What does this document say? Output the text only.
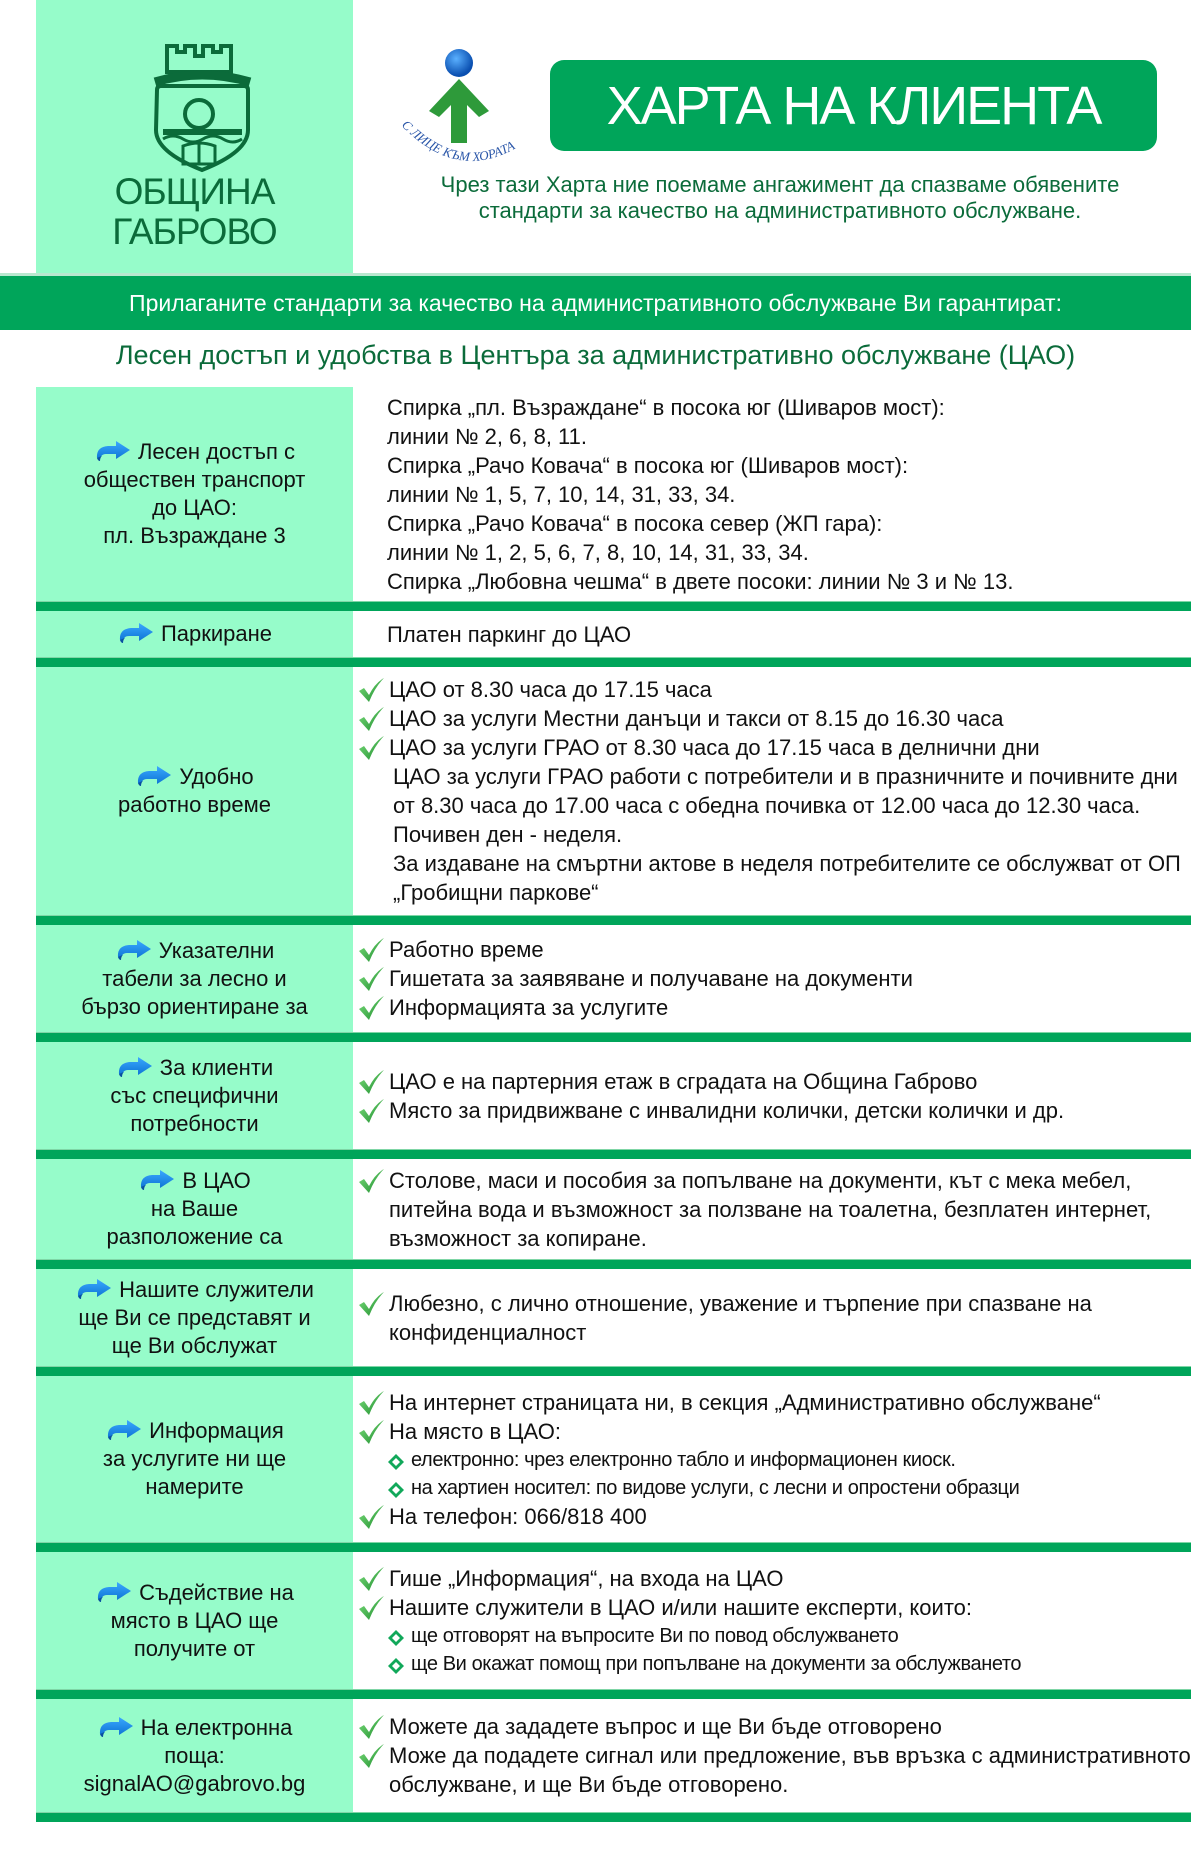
ОБЩИНА
ГАБРОВО
С ЛИЦЕ КЪМ ХОРАТА
ХАРТА НА КЛИЕНТА
Чрез тази Харта ние поемаме ангажимент да спазваме обявените стандарти за качество на административното обслужване.
Прилаганите стандарти за качество на административното обслужване Ви гарантират:
Лесен достъп и удобства в Центъра за административно обслужване (ЦАО)
Лесен достъп с
обществен транспорт
до ЦАО:
пл. Възраждане 3
Спирка „пл. Възраждане“ в посока юг (Шиваров мост):
линии № 2, 6, 8, 11.
Спирка „Рачо Ковача“ в посока юг (Шиваров мост):
линии № 1, 5, 7, 10, 14, 31, 33, 34.
Спирка „Рачо Ковача“ в посока север (ЖП гара):
линии № 1, 2, 5, 6, 7, 8, 10, 14, 31, 33, 34.
Спирка „Любовна чешма“ в двете посоки: линии № 3 и № 13.
Паркиране	Платен паркинг до ЦАО
Удобно
работно време
ЦАО от 8.30 часа до 17.15 часа
ЦАО за услуги Местни данъци и такси от 8.15 до 16.30 часа
ЦАО за услуги ГРАО от 8.30 часа до 17.15 часа в делнични дни
ЦАО за услуги ГРАО работи с потребители и в празничните и почивните дни от 8.30 часа до 17.00 часа с обедна почивка от 12.00 часа до 12.30 часа. Почивен ден - неделя.
За издаване на смъртни актове в неделя потребителите се обслужват от ОП „Гробищни паркове“
Указателни
табели за лесно и
бързо ориентиране за
Работно време
Гишетата за заявяване и получаване на документи
Информацията за услугите
За клиенти
със специфични
потребности
ЦАО е на партерния етаж в сградата на Община Габрово
Място за придвижване с инвалидни колички, детски колички и др.
В ЦАО
на Ваше
разположение са
Столове, маси и пособия за попълване на документи, кът с мека мебел, питейна вода и възможност за ползване на тоалетна, безплатен интернет, възможност за копиране.
Нашите служители
ще Ви се представят и
ще Ви обслужат
Любезно, с лично отношение, уважение и търпение при спазване на конфиденциалност
Информация
за услугите ни ще
намерите
На интернет страницата ни, в секция „Административно обслужване“
На място в ЦАО:
електронно: чрез електронно табло и информационен киоск.
на хартиен носител: по видове услуги, с лесни и опростени образци
На телефон: 066/818 400
Съдействие на
място в ЦАО ще
получите от
Гише „Информация“, на входа на ЦАО
Нашите служители в ЦАО и/или нашите експерти, които:
ще отговорят на въпросите Ви по повод обслужването
ще Ви окажат помощ при попълване на документи за обслужването
На електронна
поща:
signalAO@gabrovo.bg
Можете да зададете въпрос и ще Ви бъде отговорено
Може да подадете сигнал или предложение, във връзка с административното обслужване, и ще Ви бъде отговорено.
